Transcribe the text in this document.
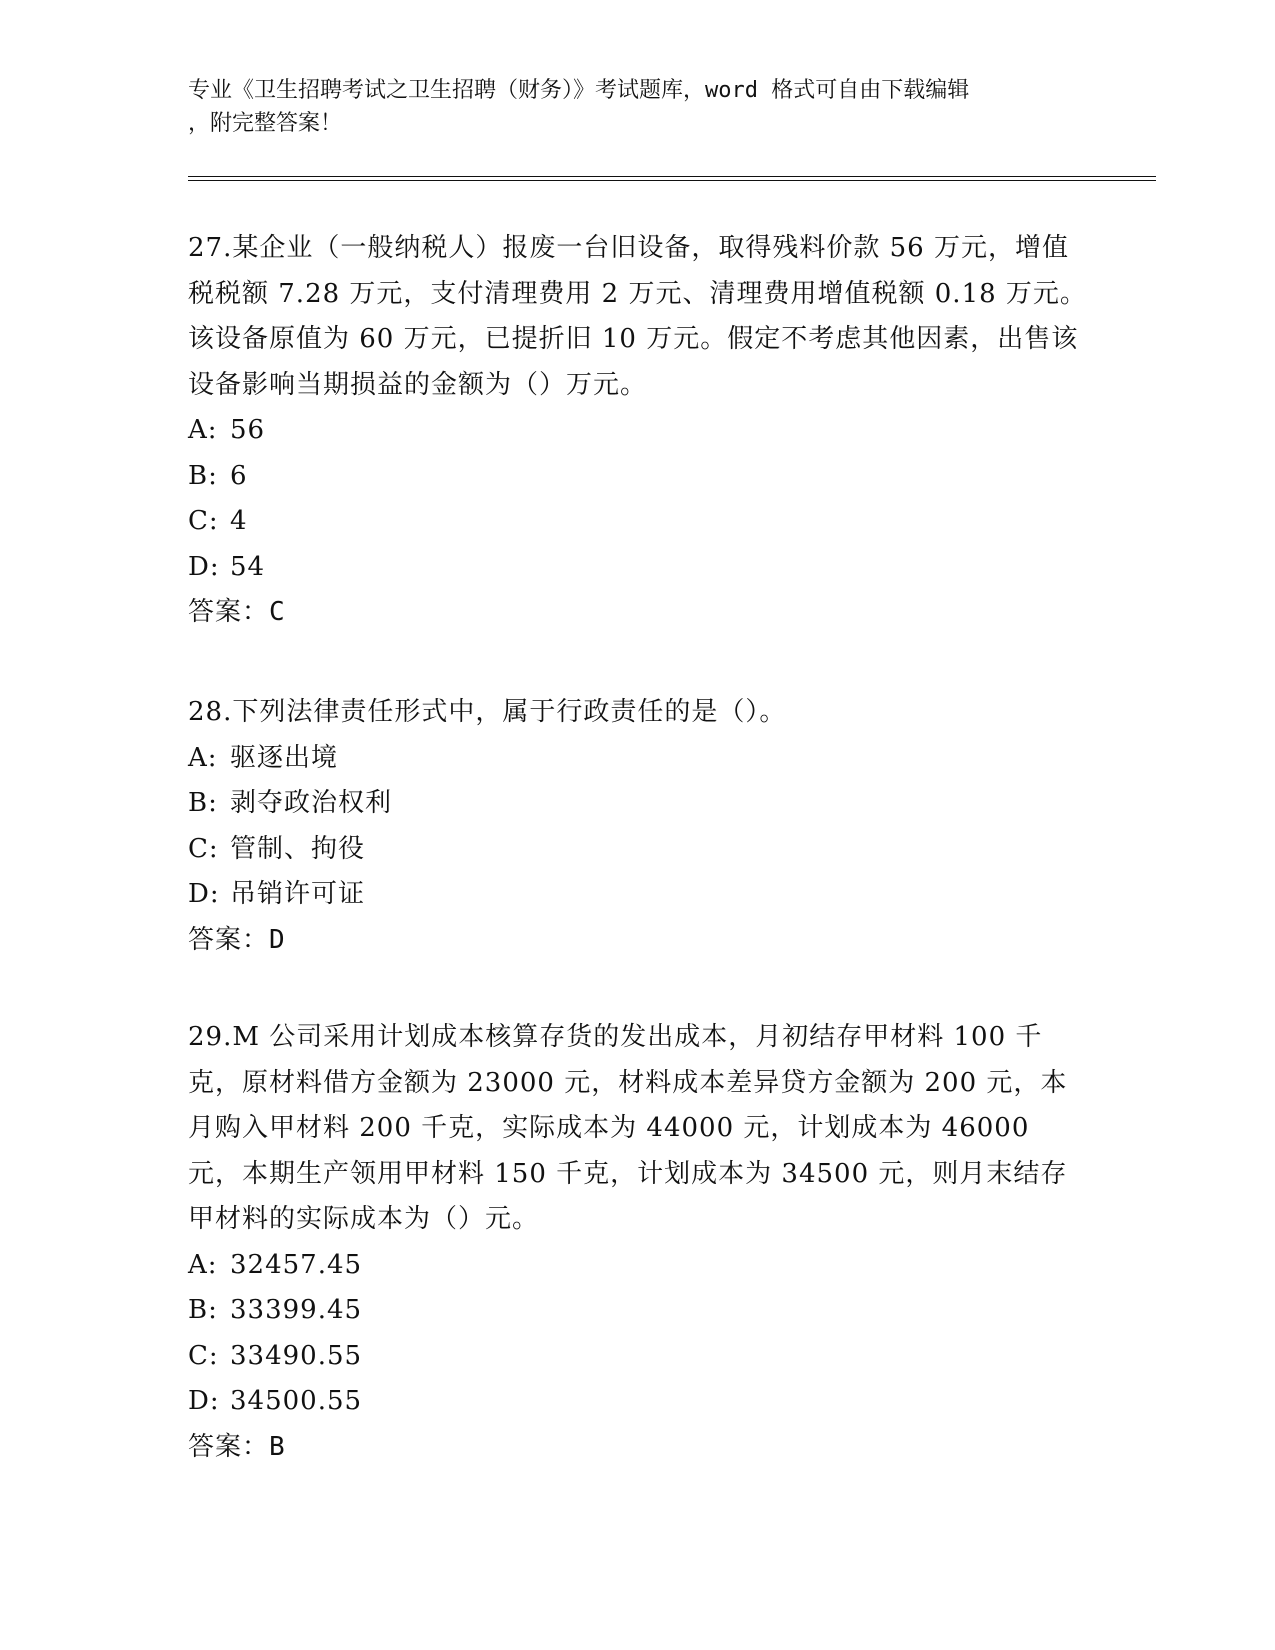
专业《卫生招聘考试之卫生招聘（财务）》考试题库，word 格式可自由下载编辑
，附完整答案！
27.某企业（一般纳税人）报废一台旧设备，取得残料价款 56 万元，增值税税额 7.28 万元，支付清理费用 2 万元、清理费用增值税额 0.18 万元。该设备原值为 60 万元，已提折旧 10 万元。假定不考虑其他因素，出售该设备影响当期损益的金额为（）万元。
A: 56
B: 6
C: 4
D: 54
答案：C
28.下列法律责任形式中，属于行政责任的是（）。
A: 驱逐出境
B: 剥夺政治权利
C: 管制、拘役
D: 吊销许可证
答案：D
29.M 公司采用计划成本核算存货的发出成本，月初结存甲材料 100 千克，原材料借方金额为 23000 元，材料成本差异贷方金额为 200 元，本月购入甲材料 200 千克，实际成本为 44000 元，计划成本为 46000 元，本期生产领用甲材料 150 千克，计划成本为 34500 元，则月末结存甲材料的实际成本为（）元。
A: 32457.45
B: 33399.45
C: 33490.55
D: 34500.55
答案：B
